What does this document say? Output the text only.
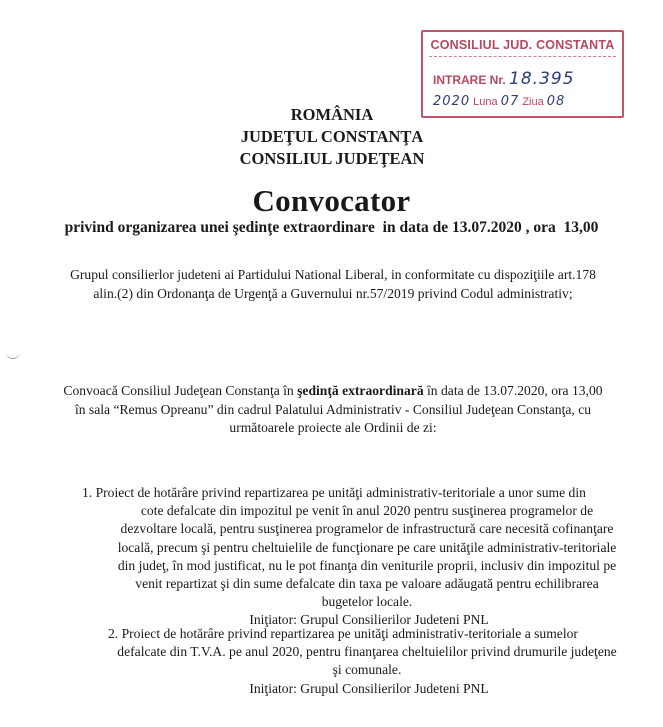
CONSILIUL JUD. CONSTANTA
INTRARE Nr. 18.395
2020 Luna 07 Ziua 08
ROMÂNIA
JUDEŢUL CONSTANŢA
CONSILIUL JUDEŢEAN
Convocator
privind organizarea unei şedinţe extraordinare  in data de 13.07.2020 , ora  13,00
Grupul consilierlor judeteni ai Partidului National Liberal, in conformitate cu dispoziţiile art.178
alin.(2) din Ordonanţa de Urgenţă a Guvernului nr.57/2019 privind Codul administrativ;
Convoacă Consiliul Judeţean Constanţa în şedinţă extraordinară în data de 13.07.2020, ora 13,00
în sala “Remus Opreanu” din cadrul Palatului Administrativ - Consiliul Judeţean Constanţa, cu
următoarele proiecte ale Ordinii de zi:
1. Proiect de hotărâre privind repartizarea pe unităţi administrativ-teritoriale a unor sume din
cote defalcate din impozitul pe venit în anul 2020 pentru susţinerea programelor de
dezvoltare locală, pentru susţinerea programelor de infrastructură care necesită cofinanţare
locală, precum şi pentru cheltuielile de funcţionare pe care unităţile administrativ-teritoriale
din judeţ, în mod justificat, nu le pot finanţa din veniturile proprii, inclusiv din impozitul pe
venit repartizat şi din sume defalcate din taxa pe valoare adăugată pentru echilibrarea
bugetelor locale.
Iniţiator: Grupul Consilierilor Judeteni PNL
2. Proiect de hotărâre privind repartizarea pe unităţi administrativ-teritoriale a sumelor
defalcate din T.V.A. pe anul 2020, pentru finanţarea cheltuielilor privind drumurile judeţene
şi comunale.
Iniţiator: Grupul Consilierilor Judeteni PNL
